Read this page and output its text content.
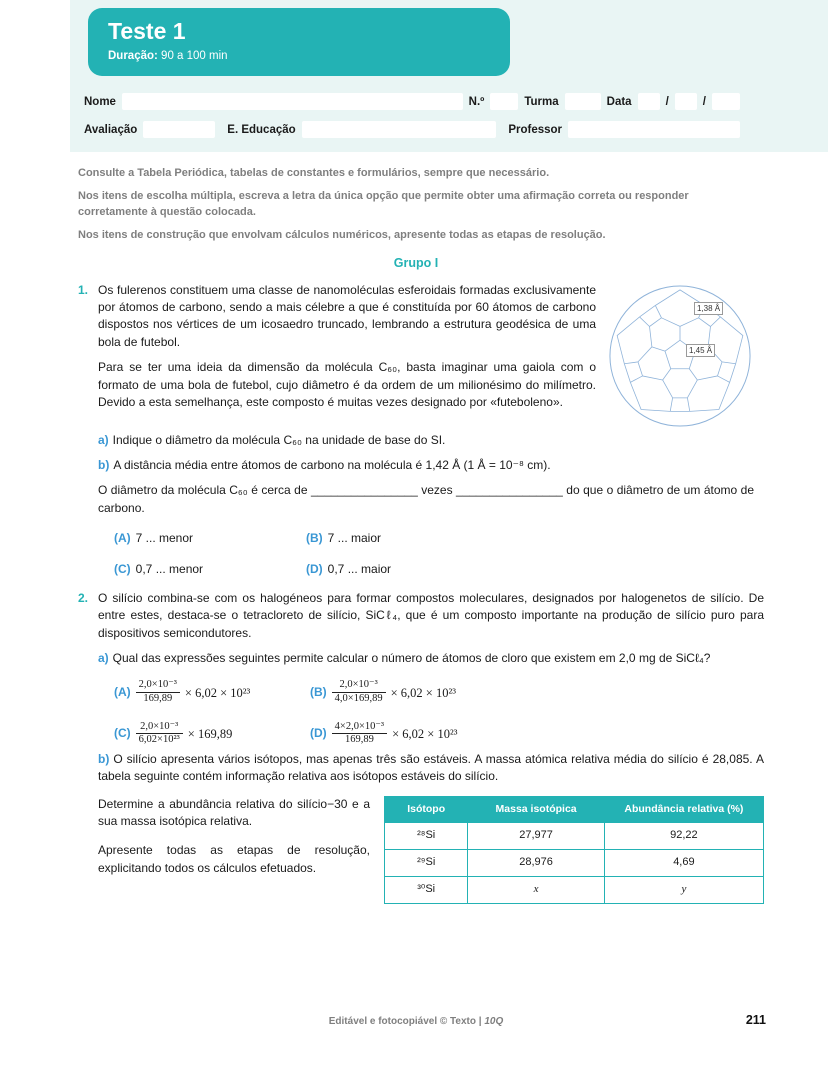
Teste 1
Duração: 90 a 100 min
Nome	N.º	Turma	Data	/	/
Avaliação	E. Educação	Professor

Consulte a Tabela Periódica, tabelas de constantes e formulários, sempre que necessário.

Nos itens de escolha múltipla, escreva a letra da única opção que permite obter uma afirmação correta ou responder corretamente à questão colocada.

Nos itens de construção que envolvam cálculos numéricos, apresente todas as etapas de resolução.

Grupo I
1. Os fulerenos constituem uma classe de nanomoléculas esferoidais formadas exclusivamente por átomos de carbono, sendo a mais célebre a que é constituída por 60 átomos de carbono dispostos nos vértices de um icosaedro truncado, lembrando a estrutura geodésica de uma bola de futebol.

Para se ter uma ideia da dimensão da molécula C₆₀, basta imaginar uma gaiola com o formato de uma bola de futebol, cujo diâmetro é da ordem de um milionésimo do milímetro. Devido a esta semelhança, este composto é muitas vezes designado por «futeboleno».

1,38 Å
1,45 Å

a) Indique o diâmetro da molécula C₆₀ na unidade de base do SI.

b) A distância média entre átomos de carbono na molécula é 1,42 Å (1 Å = 10⁻⁸ cm).

O diâmetro da molécula C₆₀ é cerca de ________________ vezes ________________ do que o diâmetro de um átomo de carbono.

(A) 7 ... menor	(B) 7 ... maior
(C) 0,7 ... menor	(D) 0,7 ... maior
2. O silício combina-se com os halogéneos para formar compostos moleculares, designados por halogenetos de silício. De entre estes, destaca-se o tetracloreto de silício, SiCℓ₄, que é um composto importante na produção de silício puro para dispositivos semicondutores.

a) Qual das expressões seguintes permite calcular o número de átomos de cloro que existem em 2,0 mg de SiCℓ₄?

$(A) \frac{\text{2,0×10⁻³}}{169,89} \times 6,02 \times 10^{23}$	$(B) \frac{\text{2,0×10⁻³}}{4,0\times 169,89} \times 6,02 \times 10^{23}$
$(C) \frac{\text{2,0×10⁻³}}{\text{6,02×10²³}} \times 169,89$	$(D) \frac{\text{4×2,0×10⁻³}}{169,89} \times 6,02 \times 10^{23}$

b) O silício apresenta vários isótopos, mas apenas três são estáveis. A massa atómica relativa média do silício é 28,085. A tabela seguinte contém informação relativa aos isótopos estáveis do silício.

Determine a abundância relativa do silício−30 e a sua massa isotópica relativa.

Apresente todas as etapas de resolução, explicitando todos os cálculos efetuados.

Isótopo	Massa isotópica	Abundância relativa (%)
²⁸Si	27,977	92,22
²⁹Si	28,976	4,69
³⁰Si	x	y
Editável e fotocopiável © Texto | 10Q	211
